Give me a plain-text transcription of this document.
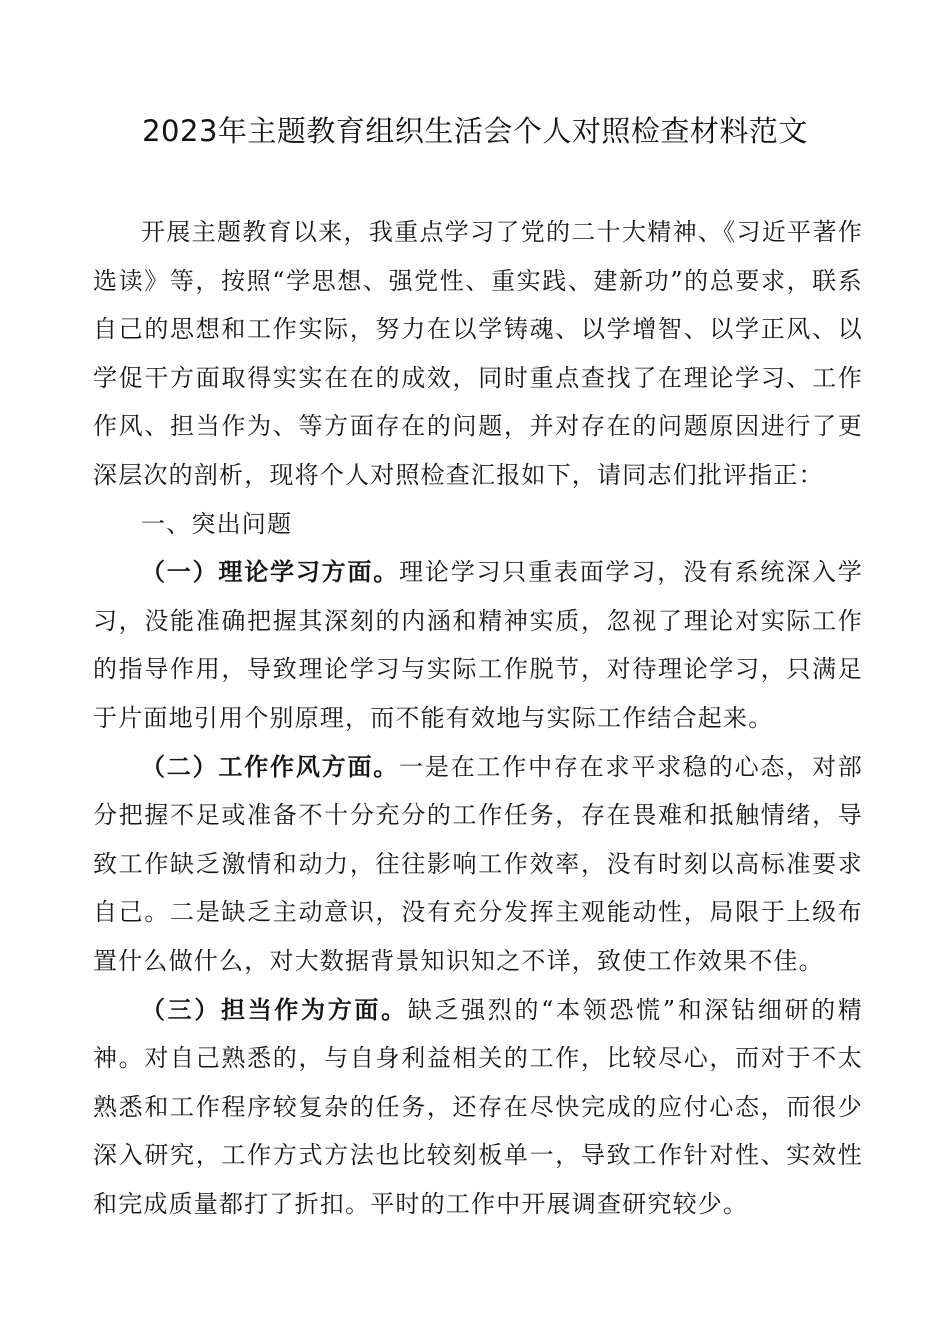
2023年主题教育组织生活会个人对照检查材料范文

开展主题教育以来，我重点学习了党的二十大精神、《习近平著作选读》等，按照“学思想、强党性、重实践、建新功”的总要求，联系自己的思想和工作实际，努力在以学铸魂、以学增智、以学正风、以学促干方面取得实实在在的成效，同时重点查找了在理论学习、工作作风、担当作为、等方面存在的问题，并对存在的问题原因进行了更深层次的剖析，现将个人对照检查汇报如下，请同志们批评指正：

一、突出问题

（一）理论学习方面。理论学习只重表面学习，没有系统深入学习，没能准确把握其深刻的内涵和精神实质，忽视了理论对实际工作的指导作用，导致理论学习与实际工作脱节，对待理论学习，只满足于片面地引用个别原理，而不能有效地与实际工作结合起来。

（二）工作作风方面。一是在工作中存在求平求稳的心态，对部分把握不足或准备不十分充分的工作任务，存在畏难和抵触情绪，导致工作缺乏激情和动力，往往影响工作效率，没有时刻以高标准要求自己。二是缺乏主动意识，没有充分发挥主观能动性，局限于上级布置什么做什么，对大数据背景知识知之不详，致使工作效果不佳。

（三）担当作为方面。缺乏强烈的“本领恐慌”和深钻细研的精神。对自己熟悉的，与自身利益相关的工作，比较尽心，而对于不太熟悉和工作程序较复杂的任务，还存在尽快完成的应付心态，而很少深入研究，工作方式方法也比较刻板单一，导致工作针对性、实效性和完成质量都打了折扣。平时的工作中开展调查研究较少。
